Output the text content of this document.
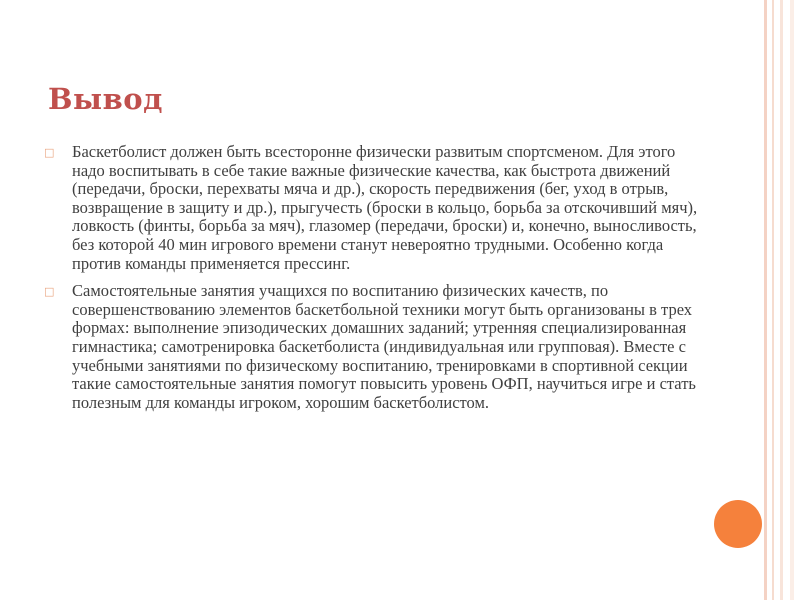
Вывод
□ Баскетболист должен быть всесторонне физически развитым спортсменом. Для этого надо воспитывать в себе такие важные физические качества, как быстрота движений (передачи, броски, перехваты мяча и др.), скорость передвижения (бег, уход в отрыв, возвращение в защиту и др.), прыгучесть (броски в кольцо, борьба за отскочивший мяч), ловкость (финты, борьба за мяч), глазомер (передачи, броски) и, конечно, выносливость, без которой 40 мин игрового времени станут невероятно трудными. Особенно когда против команды применяется прессинг.
□ Самостоятельные занятия учащихся по воспитанию физических качеств, по совершенствованию элементов баскетбольной техники могут быть организованы в трех формах: выполнение эпизодических домашних заданий; утренняя специализированная гимнастика; самотренировка баскетболиста (индивидуальная или групповая). Вместе с учебными занятиями по физическому воспитанию, тренировками в спортивной секции такие самостоятельные занятия помогут повысить уровень ОФП, научиться игре и стать полезным для команды игроком, хорошим баскетболистом.
